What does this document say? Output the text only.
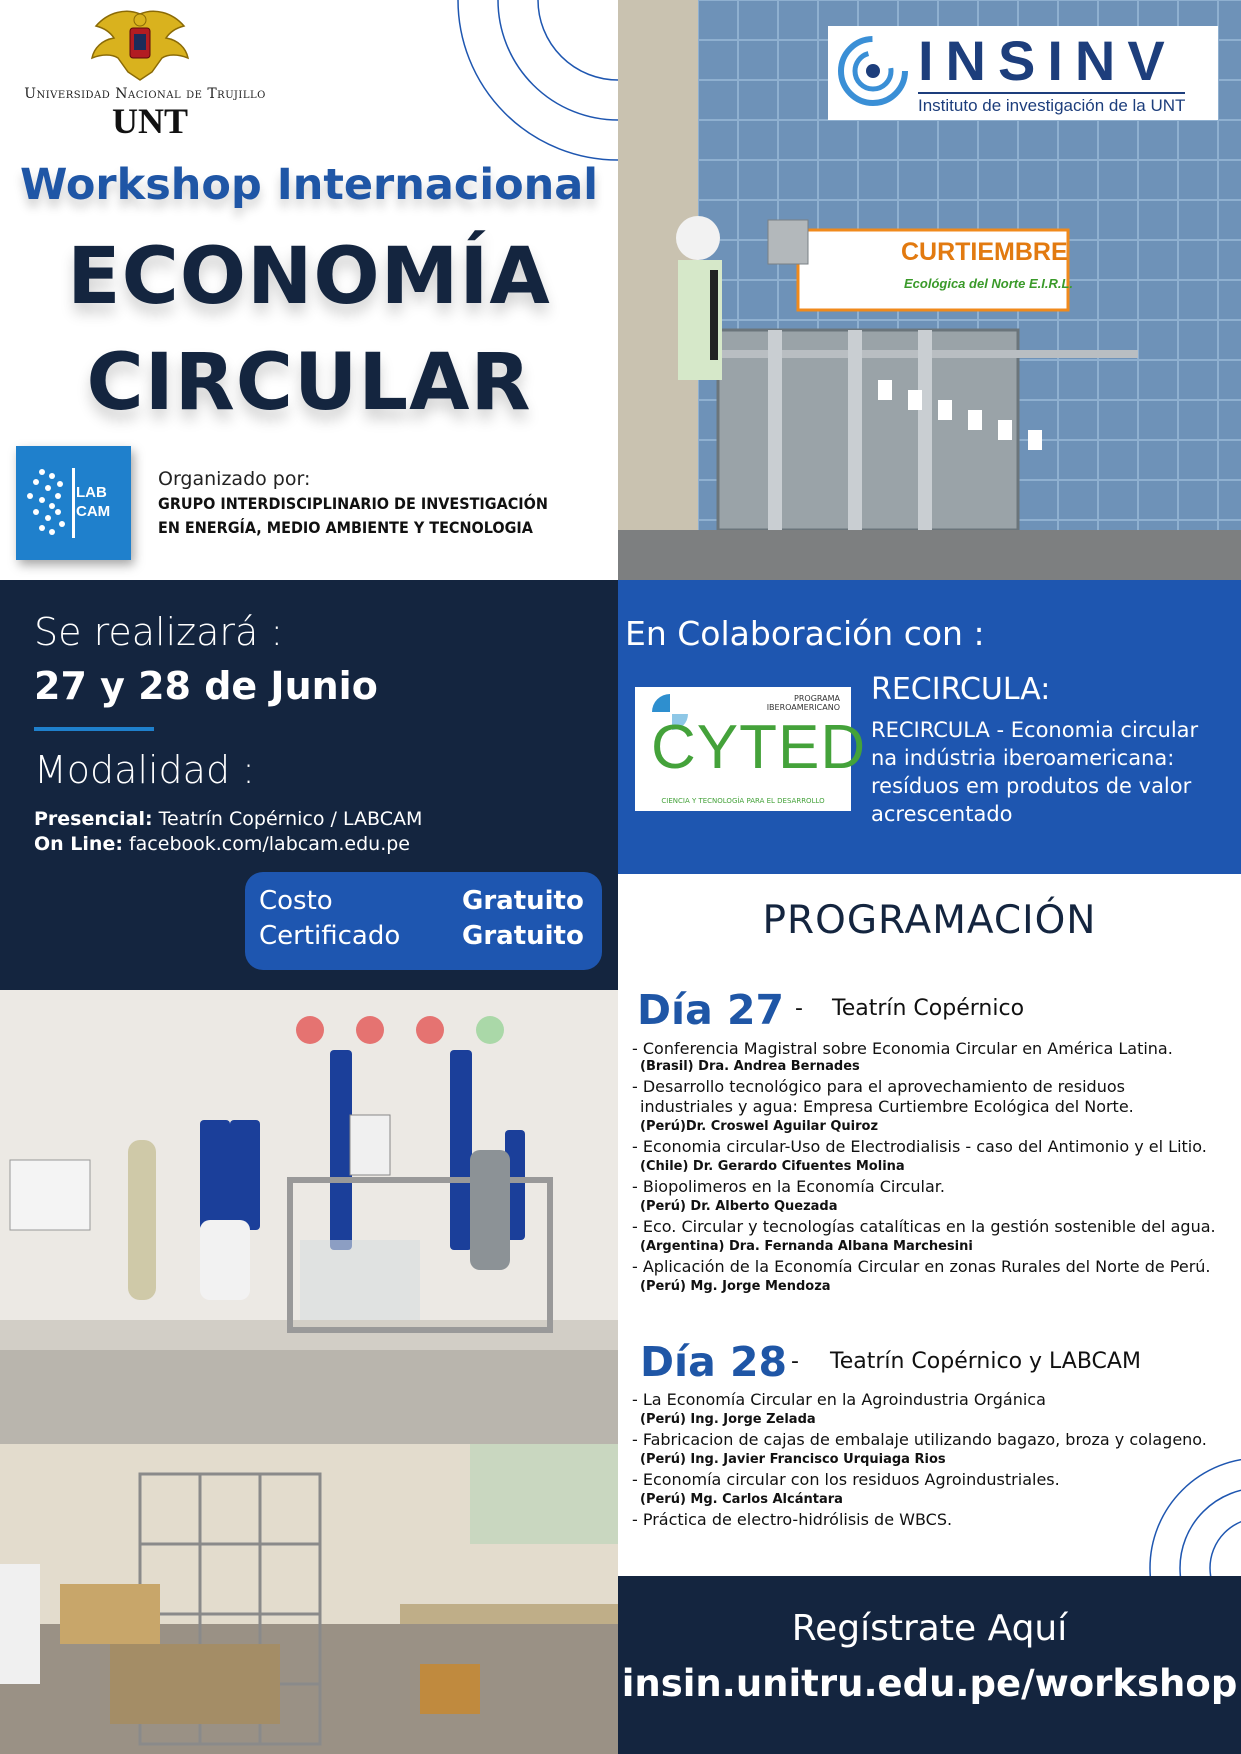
Universidad Nacional de Trujillo
UNT
Workshop Internacional
ECONOMÍA
CIRCULAR
LAB
CAM
Organizado por:
GRUPO INTERDISCIPLINARIO DE INVESTIGACIÓN
EN ENERGÍA, MEDIO AMBIENTE Y TECNOLOGIA
CURTIEMBRE
Ecológica del Norte E.I.R.L.
INSINV
Instituto de investigación de la UNT
Se realizará :
27 y 28 de Junio
Modalidad :
Presencial: Teatrín Copérnico / LABCAM
On Line: facebook.com/labcam.edu.pe
Costo	Gratuito
Certificado Gratuito
En Colaboración con :
PROGRAMA IBEROAMERICANO
CYTED
CIENCIA Y TECNOLOGÍA PARA EL DESARROLLO
RECIRCULA:
RECIRCULA - Economia circular na indústria iberoamericana: resíduos em produtos de valor acrescentado
PROGRAMACIÓN
Día 27 - Teatrín Copérnico
- Conferencia Magistral sobre Economia Circular en América Latina.
(Brasil) Dra. Andrea Bernades
- Desarrollo tecnológico para el aprovechamiento de residuos
industriales y agua: Empresa Curtiembre Ecológica del Norte.
(Perú)Dr. Croswel Aguilar Quiroz
- Economia circular-Uso de Electrodialisis - caso del Antimonio y el Litio.
(Chile) Dr. Gerardo Cifuentes Molina
- Biopolimeros en la Economía Circular.
(Perú) Dr. Alberto Quezada
- Eco. Circular y tecnologías catalíticas en la gestión sostenible del agua.
(Argentina) Dra. Fernanda Albana Marchesini
- Aplicación de la Economía Circular en zonas Rurales del Norte de Perú.
(Perú) Mg. Jorge Mendoza
Día 28 - Teatrín Copérnico y LABCAM
- La Economía Circular en la Agroindustria Orgánica
(Perú) Ing. Jorge Zelada
- Fabricacion de cajas de embalaje utilizando bagazo, broza y colageno.
(Perú) Ing. Javier Francisco Urquiaga Rios
- Economía circular con los residuos Agroindustriales.
(Perú) Mg. Carlos Alcántara
- Práctica de electro-hidrólisis de WBCS.
Regístrate Aquí
insin.unitru.edu.pe/workshop
